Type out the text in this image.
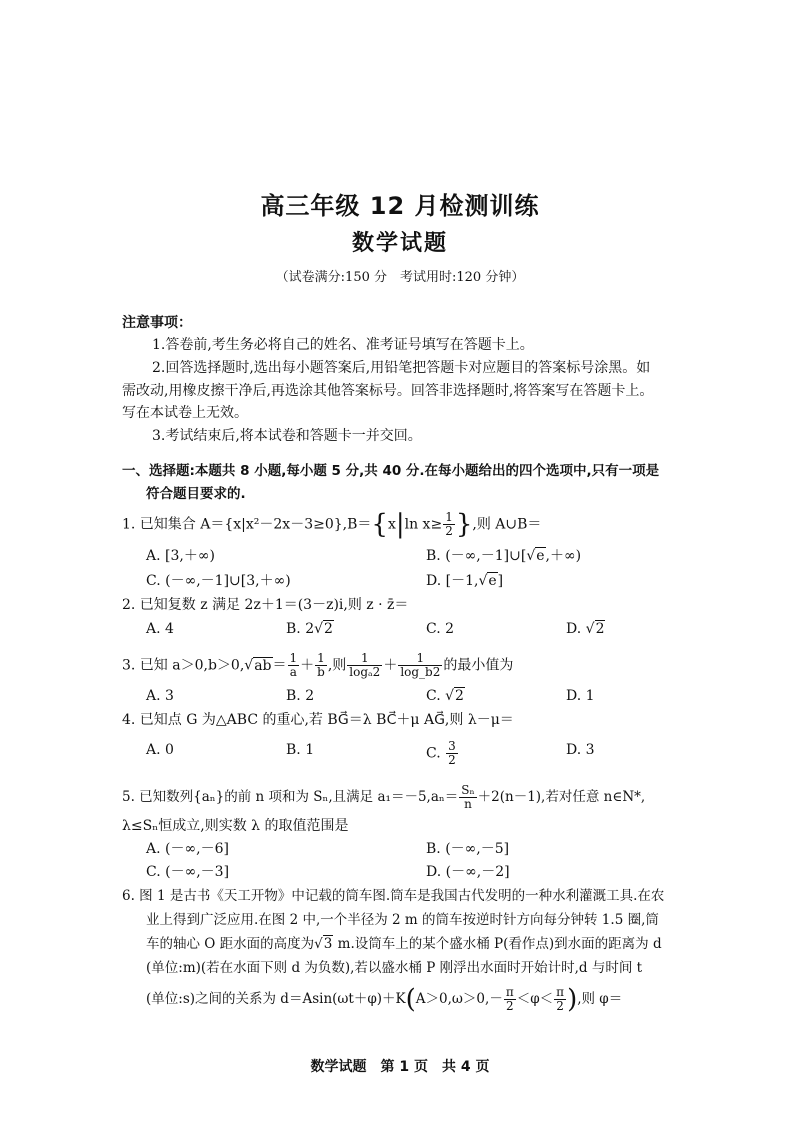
高三年级 12 月检测训练
数学试题
（试卷满分:150 分　考试用时:120 分钟）
注意事项：
1.答卷前,考生务必将自己的姓名、准考证号填写在答题卡上。
2.回答选择题时,选出每小题答案后,用铅笔把答题卡对应题目的答案标号涂黑。如
需改动,用橡皮擦干净后,再选涂其他答案标号。回答非选择题时,将答案写在答题卡上。
写在本试卷上无效。
3.考试结束后,将本试卷和答题卡一并交回。
一、选择题:本题共 8 小题,每小题 5 分,共 40 分.在每小题给出的四个选项中,只有一项是
符合题目要求的.
1. 已知集合 A＝{x|x²－2x－3≥0},B＝{x|ln $x\ge \frac{1}{2}$ },则 A∪B＝
A. [3,＋∞)	B. (－∞,－1]∪[√e,＋∞)
C. (－∞,－1]∪[3,＋∞)	D. [－1,√e]
2. 已知复数 z 满足 2z＋1＝(3－z)i,则 z · z̄＝
A. 4	B. 2√2	C. 2	D. √2
3. 已知 $a>0,b>0,√ab= \frac{1}{a} + \frac{1}{b}$ ,则 $\frac{1}{\text{logₐ2}} + \frac{1}{\log\_b2}$ 的最小值为
A. 3	B. 2	C. √2	D. 1
4. 已知点 G 为△ABC 的重心,若 BG⃗＝λ BC⃗＋μ AG⃗,则 λ－μ＝
A. 0	B. 1	C. $\frac{3}{2}$	D. 3
5. 已知数列{aₙ}的前 n 项和为 Sₙ,且满足 $a_1=-5,a_n= \frac{\text{Sₙ}}{n} +2(n-1)$,若对任意 n∈N*,
λ≤Sₙ恒成立,则实数 λ 的取值范围是
A. (－∞,－6]	B. (－∞,－5]
C. (－∞,－3]	D. (－∞,－2]
6. 图 1 是古书《天工开物》中记载的筒车图.筒车是我国古代发明的一种水利灌溉工具.在农
业上得到广泛应用.在图 2 中,一个半径为 2 m 的筒车按逆时针方向每分钟转 1.5 圈,筒
车的轴心 O 距水面的高度为√3 m.设筒车上的某个盛水桶 P(看作点)到水面的距离为 d
(单位:m)(若在水面下则 d 为负数),若以盛水桶 P 刚浮出水面时开始计时,d 与时间 t
(单位:s)之间的关系为 $d=Asin(\omega t+\varphi)+K(A>0,\omega>0,- \frac{\pi}{2} <\varphi< \frac{\pi}{2}$ ),则 φ＝
数学试题　第 1 页　共 4 页
